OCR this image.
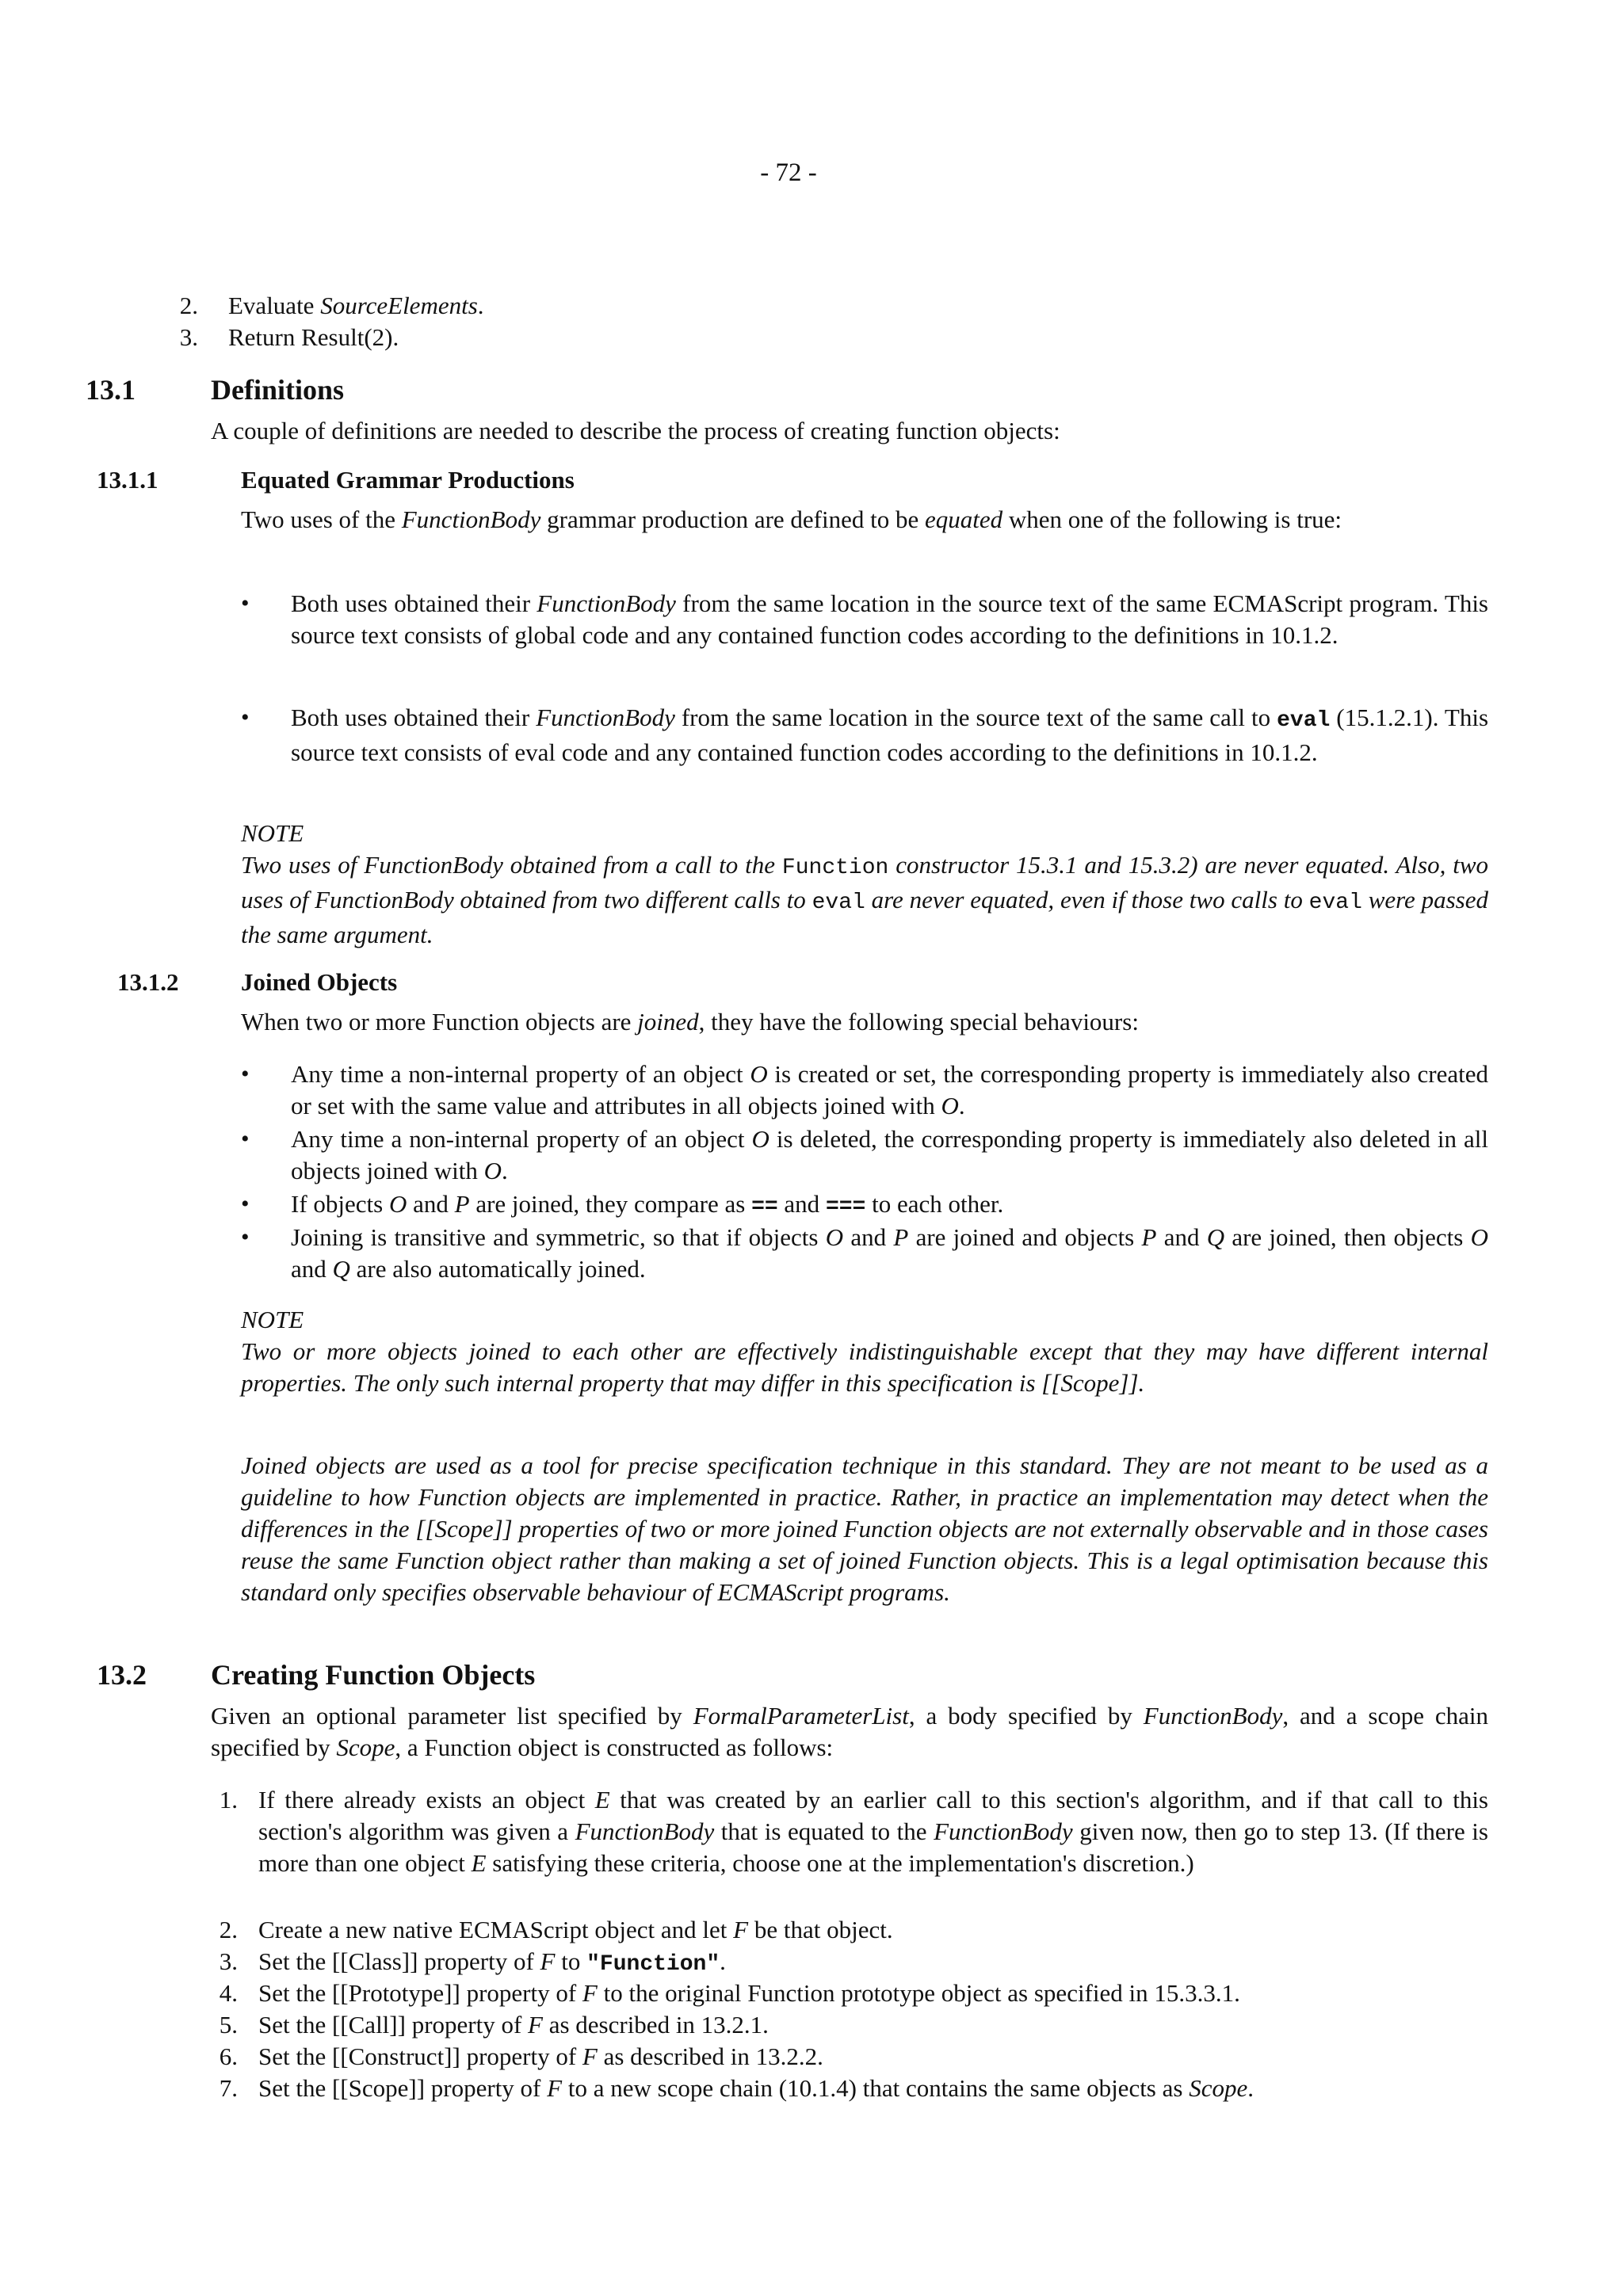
- 72 -
2. Evaluate SourceElements.
3. Return Result(2).
13.1	Definitions
A couple of definitions are needed to describe the process of creating function objects:
13.1.1	Equated Grammar Productions
Two uses of the FunctionBody grammar production are defined to be equated when one of the following is true:
• Both uses obtained their FunctionBody from the same location in the source text of the same ECMAScript program. This source text consists of global code and any contained function codes according to the definitions in 10.1.2.
• Both uses obtained their FunctionBody from the same location in the source text of the same call to eval (15.1.2.1). This source text consists of eval code and any contained function codes according to the definitions in 10.1.2.
NOTE
Two uses of FunctionBody obtained from a call to the Function constructor 15.3.1 and 15.3.2) are never equated. Also, two uses of FunctionBody obtained from two different calls to eval are never equated, even if those two calls to eval were passed the same argument.
13.1.2	Joined Objects
When two or more Function objects are joined, they have the following special behaviours:
• Any time a non-internal property of an object O is created or set, the corresponding property is immediately also created or set with the same value and attributes in all objects joined with O.
• Any time a non-internal property of an object O is deleted, the corresponding property is immediately also deleted in all objects joined with O.
• If objects O and P are joined, they compare as == and === to each other.
• Joining is transitive and symmetric, so that if objects O and P are joined and objects P and Q are joined, then objects O and Q are also automatically joined.
NOTE
Two or more objects joined to each other are effectively indistinguishable except that they may have different internal properties. The only such internal property that may differ in this specification is [[Scope]].
Joined objects are used as a tool for precise specification technique in this standard. They are not meant to be used as a guideline to how Function objects are implemented in practice. Rather, in practice an implementation may detect when the differences in the [[Scope]] properties of two or more joined Function objects are not externally observable and in those cases reuse the same Function object rather than making a set of joined Function objects. This is a legal optimisation because this standard only specifies observable behaviour of ECMAScript programs.
13.2 Creating Function Objects
Given an optional parameter list specified by FormalParameterList, a body specified by FunctionBody, and a scope chain specified by Scope, a Function object is constructed as follows:
1. If there already exists an object E that was created by an earlier call to this section's algorithm, and if that call to this section's algorithm was given a FunctionBody that is equated to the FunctionBody given now, then go to step 13. (If there is more than one object E satisfying these criteria, choose one at the implementation's discretion.)
2. Create a new native ECMAScript object and let F be that object.
3. Set the [[Class]] property of F to "Function".
4. Set the [[Prototype]] property of F to the original Function prototype object as specified in 15.3.3.1.
5. Set the [[Call]] property of F as described in 13.2.1.
6. Set the [[Construct]] property of F as described in 13.2.2.
7. Set the [[Scope]] property of F to a new scope chain (10.1.4) that contains the same objects as Scope.
